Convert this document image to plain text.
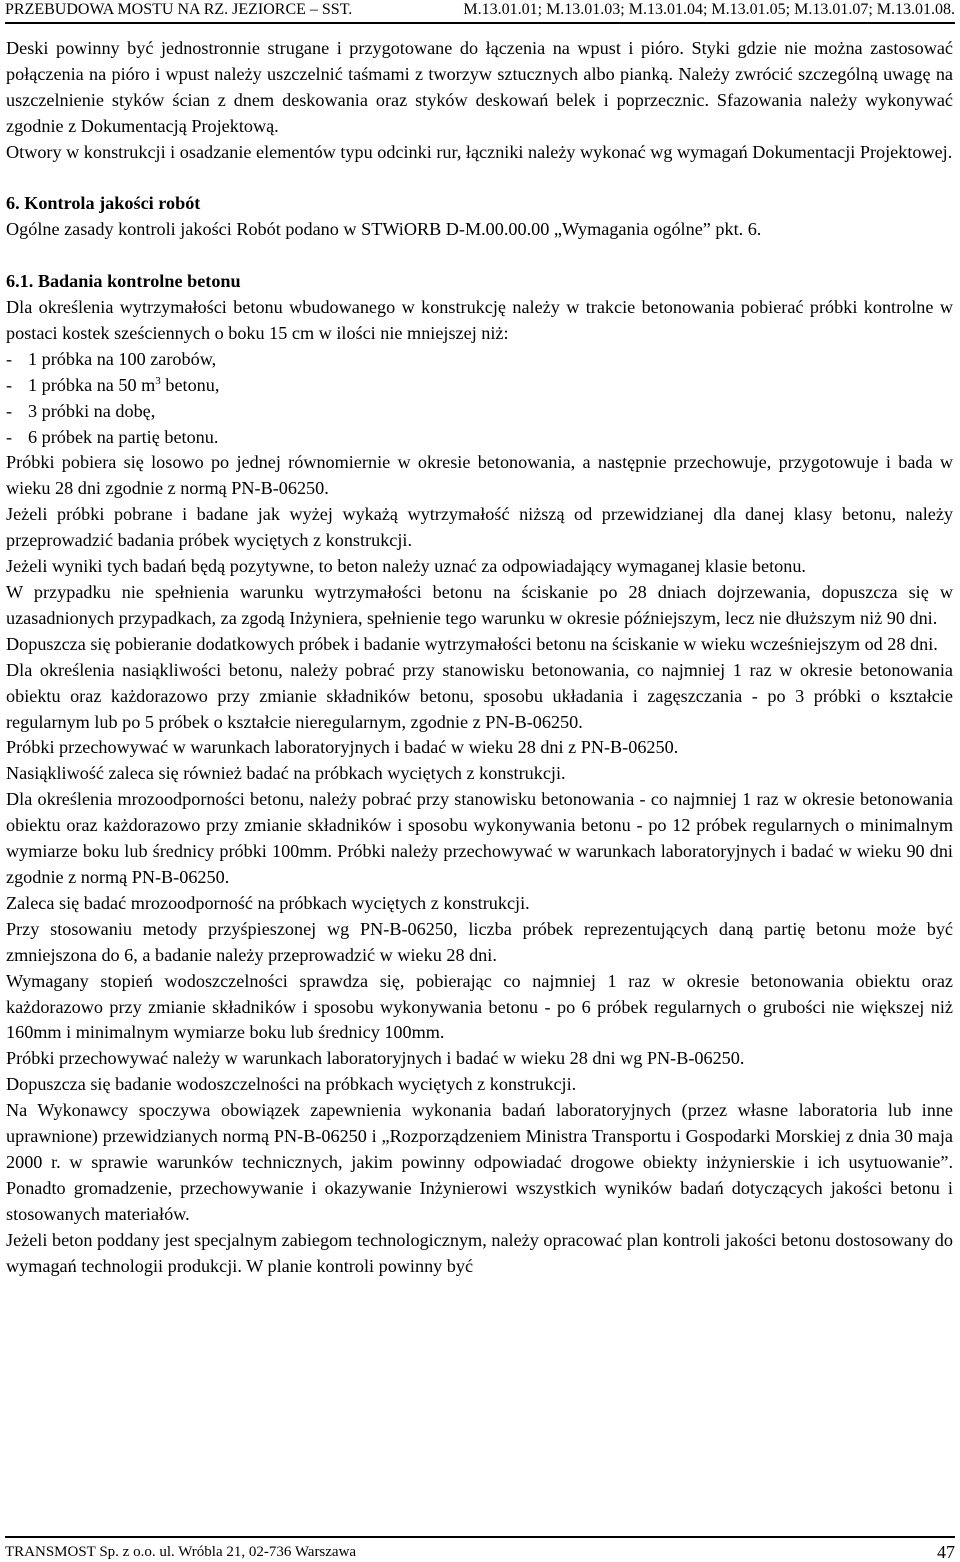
PRZEBUDOWA MOSTU NA RZ. JEZIORCE – SST.	M.13.01.01; M.13.01.03; M.13.01.04; M.13.01.05; M.13.01.07; M.13.01.08.

Deski powinny być jednostronnie strugane i przygotowane do łączenia na wpust i pióro. Styki gdzie nie można zastosować połączenia na pióro i wpust należy uszczelnić taśmami z tworzyw sztucznych albo pianką. Należy zwrócić szczególną uwagę na uszczelnienie styków ścian z dnem deskowania oraz styków deskowań belek i poprzecznic. Sfazowania należy wykonywać zgodnie z Dokumentacją Projektową.

Otwory w konstrukcji i osadzanie elementów typu odcinki rur, łączniki należy wykonać wg wymagań Dokumentacji Projektowej.

6. Kontrola jakości robót

Ogólne zasady kontroli jakości Robót podano w STWiORB D-M.00.00.00 „Wymagania ogólne” pkt. 6.

6.1. Badania kontrolne betonu

Dla określenia wytrzymałości betonu wbudowanego w konstrukcję należy w trakcie betonowania pobierać próbki kontrolne w postaci kostek sześciennych o boku 15 cm w ilości nie mniejszej niż:

- 1 próbka na 100 zarobów,
- 1 próbka na 50 $m^3$ betonu,
- 3 próbki na dobę,
- 6 próbek na partię betonu.

Próbki pobiera się losowo po jednej równomiernie w okresie betonowania, a następnie przechowuje, przygotowuje i bada w wieku 28 dni zgodnie z normą PN-B-06250.

Jeżeli próbki pobrane i badane jak wyżej wykażą wytrzymałość niższą od przewidzianej dla danej klasy betonu, należy przeprowadzić badania próbek wyciętych z konstrukcji.

Jeżeli wyniki tych badań będą pozytywne, to beton należy uznać za odpowiadający wymaganej klasie betonu.

W przypadku nie spełnienia warunku wytrzymałości betonu na ściskanie po 28 dniach dojrzewania, dopuszcza się w uzasadnionych przypadkach, za zgodą Inżyniera, spełnienie tego warunku w okresie późniejszym, lecz nie dłuższym niż 90 dni.

Dopuszcza się pobieranie dodatkowych próbek i badanie wytrzymałości betonu na ściskanie w wieku wcześniejszym od 28 dni.

Dla określenia nasiąkliwości betonu, należy pobrać przy stanowisku betonowania, co najmniej 1 raz w okresie betonowania obiektu oraz każdorazowo przy zmianie składników betonu, sposobu układania i zagęszczania - po 3 próbki o kształcie regularnym lub po 5 próbek o kształcie nieregularnym, zgodnie z PN-B-06250.

Próbki przechowywać w warunkach laboratoryjnych i badać w wieku 28 dni z PN-B-06250.

Nasiąkliwość zaleca się również badać na próbkach wyciętych z konstrukcji.

Dla określenia mrozoodporności betonu, należy pobrać przy stanowisku betonowania - co najmniej 1 raz w okresie betonowania obiektu oraz każdorazowo przy zmianie składników i sposobu wykonywania betonu - po 12 próbek regularnych o minimalnym wymiarze boku lub średnicy próbki 100mm. Próbki należy przechowywać w warunkach laboratoryjnych i badać w wieku 90 dni zgodnie z normą PN-B-06250.

Zaleca się badać mrozoodporność na próbkach wyciętych z konstrukcji.

Przy stosowaniu metody przyśpieszonej wg PN-B-06250, liczba próbek reprezentujących daną partię betonu może być zmniejszona do 6, a badanie należy przeprowadzić w wieku 28 dni.

Wymagany stopień wodoszczelności sprawdza się, pobierając co najmniej 1 raz w okresie betonowania obiektu oraz każdorazowo przy zmianie składników i sposobu wykonywania betonu - po 6 próbek regularnych o grubości nie większej niż 160mm i minimalnym wymiarze boku lub średnicy 100mm.

Próbki przechowywać należy w warunkach laboratoryjnych i badać w wieku 28 dni wg PN-B-06250.

Dopuszcza się badanie wodoszczelności na próbkach wyciętych z konstrukcji.

Na Wykonawcy spoczywa obowiązek zapewnienia wykonania badań laboratoryjnych (przez własne laboratoria lub inne uprawnione) przewidzianych normą PN-B-06250 i „Rozporządzeniem Ministra Transportu i Gospodarki Morskiej z dnia 30 maja 2000 r. w sprawie warunków technicznych, jakim powinny odpowiadać drogowe obiekty inżynierskie i ich usytuowanie”. Ponadto gromadzenie, przechowywanie i okazywanie Inżynierowi wszystkich wyników badań dotyczących jakości betonu i stosowanych materiałów.

Jeżeli beton poddany jest specjalnym zabiegom technologicznym, należy opracować plan kontroli jakości betonu dostosowany do wymagań technologii produkcji. W planie kontroli powinny być

TRANSMOST Sp. z o.o. ul. Wróbla 21, 02-736 Warszawa	47
